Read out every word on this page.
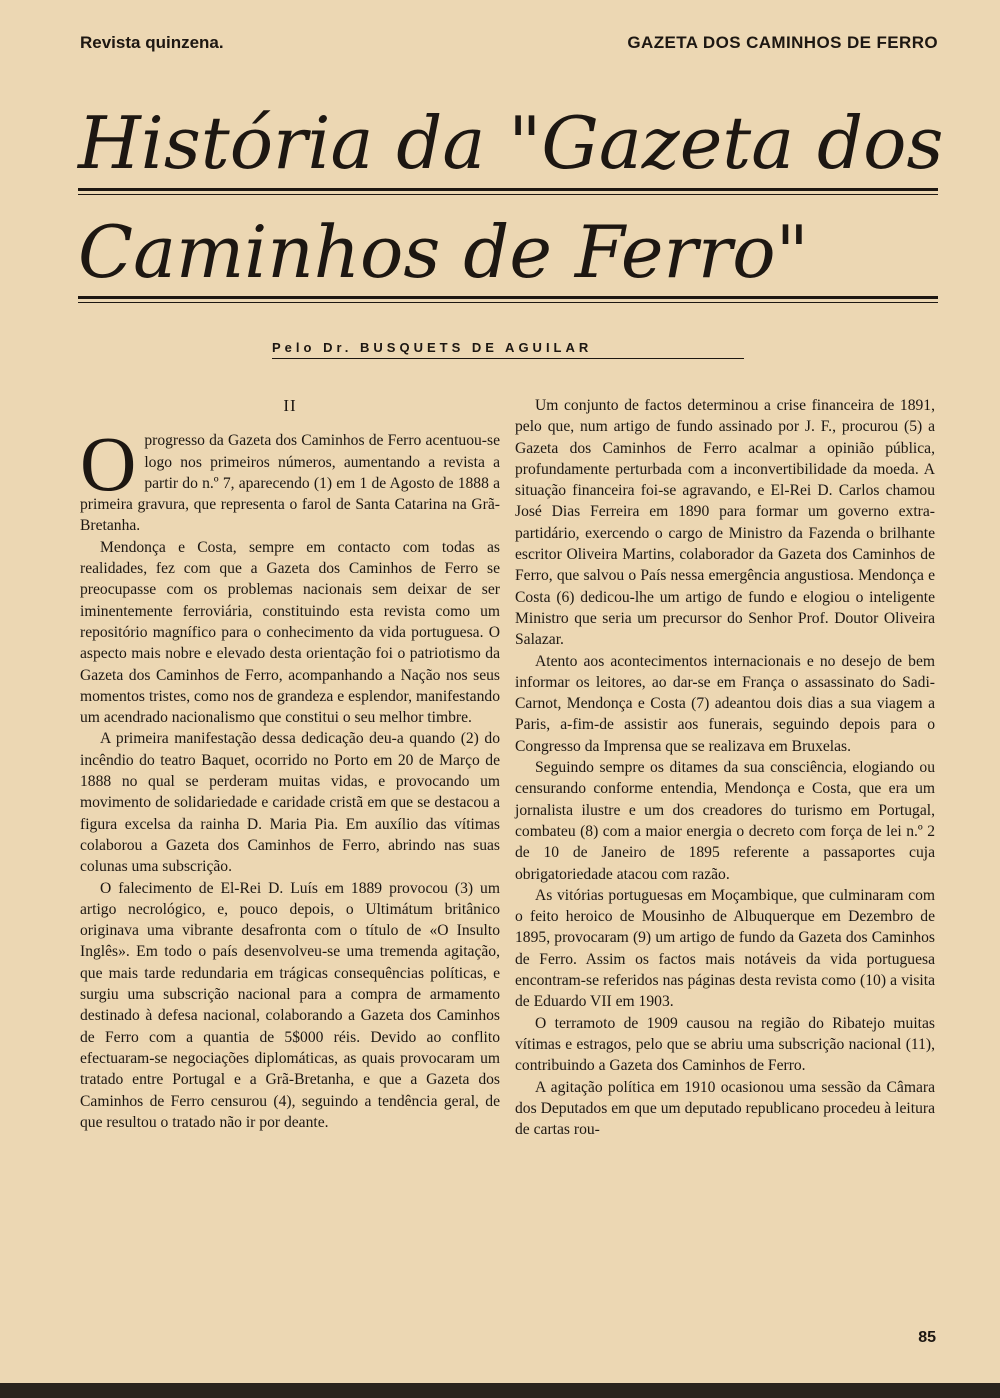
Revista quinzena.	GAZETA DOS CAMINHOS DE FERRO
História da "Gazeta dos
Caminhos de Ferro"
Pelo Dr. BUSQUETS DE AGUILAR
II

Oprogresso da Gazeta dos Caminhos de Ferro acentuou-se logo nos primeiros números, aumentando a revista a partir do n.º 7, aparecendo (1) em 1 de Agosto de 1888 a primeira gravura, que representa o farol de Santa Catarina na Grã-Bretanha.

Mendonça e Costa, sempre em contacto com todas as realidades, fez com que a Gazeta dos Caminhos de Ferro se preocupasse com os problemas nacionais sem deixar de ser iminentemente ferroviária, constituindo esta revista como um repositório magnífico para o conhecimento da vida portuguesa. O aspecto mais nobre e elevado desta orientação foi o patriotismo da Gazeta dos Caminhos de Ferro, acompanhando a Nação nos seus momentos tristes, como nos de grandeza e esplendor, manifestando um acendrado nacionalismo que constitui o seu melhor timbre.

A primeira manifestação dessa dedicação deu-a quando (2) do incêndio do teatro Baquet, ocorrido no Porto em 20 de Março de 1888 no qual se perderam muitas vidas, e provocando um movimento de solidariedade e caridade cristã em que se destacou a figura excelsa da rainha D. Maria Pia. Em auxílio das vítimas colaborou a Gazeta dos Caminhos de Ferro, abrindo nas suas colunas uma subscrição.

O falecimento de El-Rei D. Luís em 1889 provocou (3) um artigo necrológico, e, pouco depois, o Ultimátum britânico originava uma vibrante desafronta com o título de «O Insulto Inglês». Em todo o país desenvolveu-se uma tremenda agitação, que mais tarde redundaria em trágicas consequências políticas, e surgiu uma subscrição nacional para a compra de armamento destinado à defesa nacional, colaborando a Gazeta dos Caminhos de Ferro com a quantia de 5$000 réis. Devido ao conflito efectuaram-se negociações diplomáticas, as quais provocaram um tratado entre Portugal e a Grã-Bretanha, e que a Gazeta dos Caminhos de Ferro censurou (4), seguindo a tendência geral, de que resultou o tratado não ir por deante.

Um conjunto de factos determinou a crise financeira de 1891, pelo que, num artigo de fundo assinado por J. F., procurou (5) a Gazeta dos Caminhos de Ferro acalmar a opinião pública, profundamente perturbada com a inconvertibilidade da moeda. A situação financeira foi-se agravando, e El-Rei D. Carlos chamou José Dias Ferreira em 1890 para formar um governo extra-partidário, exercendo o cargo de Ministro da Fazenda o brilhante escritor Oliveira Martins, colaborador da Gazeta dos Caminhos de Ferro, que salvou o País nessa emergência angustiosa. Mendonça e Costa (6) dedicou-lhe um artigo de fundo e elogiou o inteligente Ministro que seria um precursor do Senhor Prof. Doutor Oliveira Salazar.

Atento aos acontecimentos internacionais e no desejo de bem informar os leitores, ao dar-se em França o assassinato do Sadi-Carnot, Mendonça e Costa (7) adeantou dois dias a sua viagem a Paris, a-fim-de assistir aos funerais, seguindo depois para o Congresso da Imprensa que se realizava em Bruxelas.

Seguindo sempre os ditames da sua consciência, elogiando ou censurando conforme entendia, Mendonça e Costa, que era um jornalista ilustre e um dos creadores do turismo em Portugal, combateu (8) com a maior energia o decreto com força de lei n.º 2 de 10 de Janeiro de 1895 referente a passaportes cuja obrigatoriedade atacou com razão.

As vitórias portuguesas em Moçambique, que culminaram com o feito heroico de Mousinho de Albuquerque em Dezembro de 1895, provocaram (9) um artigo de fundo da Gazeta dos Caminhos de Ferro. Assim os factos mais notáveis da vida portuguesa encontram-se referidos nas páginas desta revista como (10) a visita de Eduardo VII em 1903.

O terramoto de 1909 causou na região do Ribatejo muitas vítimas e estragos, pelo que se abriu uma subscrição nacional (11), contribuindo a Gazeta dos Caminhos de Ferro.

A agitação política em 1910 ocasionou uma sessão da Câmara dos Deputados em que um deputado republicano procedeu à leitura de cartas rou-

85
